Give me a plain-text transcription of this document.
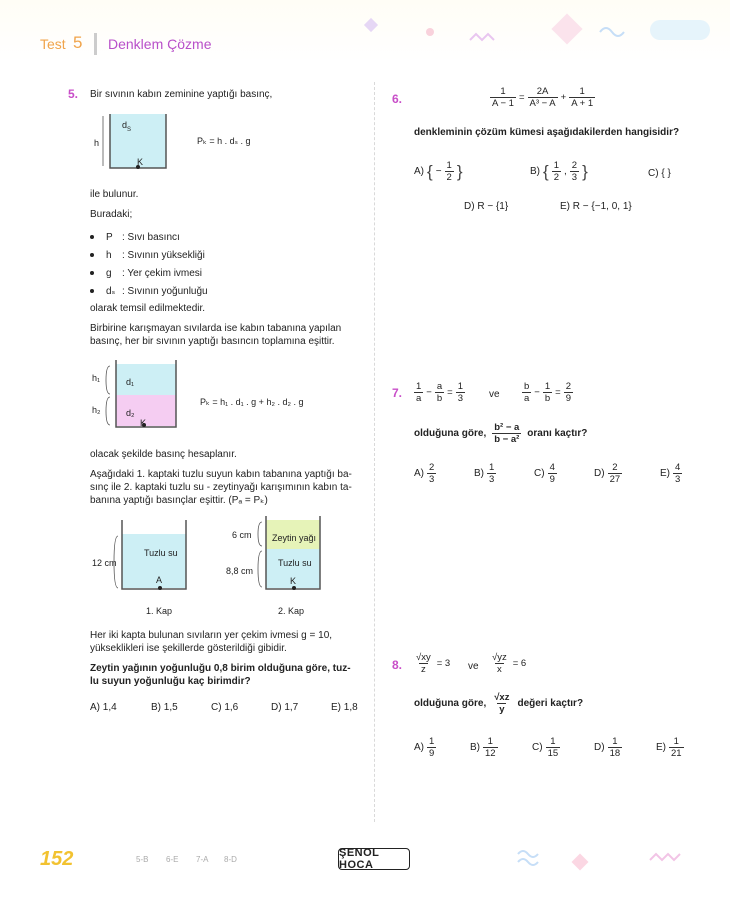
Test 5 Denklem Çözme
5. Bir sıvının kabın zeminine yaptığı basınç,
h
$d_S$
K
Pₖ = h . dₛ . g
ile bulunur.
Buradaki;
P : Sıvı basıncı
h	: Sıvının yüksekliği
g	: Yer çekim ivmesi
dₛ : Sıvının yoğunluğu
olarak temsil edilmektedir.
Birbirine karışmayan sıvılarda ise kabın tabanına yapılan
basınç, her bir sıvının yaptığı basıncın toplamına eşittir.
h₁
h₂
d₁
d₂
K
Pₖ = h₁ . d₁ . g + h₂ . d₂ . g
olacak şekilde basınç hesaplanır.
Aşağıdaki 1. kaptaki tuzlu suyun kabın tabanına yaptığı ba-
sınç ile 2. kaptaki tuzlu su - zeytinyağı karışımının kabın ta-
banına yaptığı basınçlar eşittir. (Pₐ = Pₖ)
12 cm
Tuzlu su
A
1. Kap
6 cm
8,8 cm
Zeytin yağı
Tuzlu su
K
2. Kap
Her iki kapta bulunan sıvıların yer çekim ivmesi g = 10,
yükseklikleri ise şekillerde gösterildiği gibidir.
Zeytin yağının yoğunluğu 0,8 birim olduğuna göre, tuz-
lu suyun yoğunluğu kaç birimdir?
A) 1,4	B) 1,5	C) 1,6	D) 1,7	E) 1,8
6.	$\frac{1}{A - 1} = \frac{2A}{\text{A³ − A}} + \frac{1}{A + 1}$
denkleminin çözüm kümesi aşağıdakilerden hangisidir?
A) { − $\frac{1}{2}$ }	B) { $\frac{1}{2}$ , $\frac{2}{3}$ }	C) { }
D) R − {1}	E) R − {−1, 0, 1}
7. $\frac{1}{a} - \frac{a}{b} = \frac{1}{3}$ ve $\frac{b}{a} - \frac{1}{b} = \frac{2}{9}$
olduğuna göre, $\frac{\text{b² − a}}{\text{b − a²}}$ oranı kaçtır?
$A) \frac{2}{3}$	$B) \frac{1}{3}$	$C) \frac{4}{9}$	$D) \frac{2}{27}$	$E) \frac{4}{3}$
8. $\frac{√xy}{z} = 3$ ve $\frac{√yz}{x} = 6$
olduğuna göre, $\frac{√xz}{y}$ değeri kaçtır?
$A) \frac{1}{9}$	$B) \frac{1}{12}$	$C) \frac{1}{15}$	$D) \frac{1}{18}$	$E) \frac{1}{21}$
152	5-B 6-E 7-A 8-D
ŞENOL HOCA
